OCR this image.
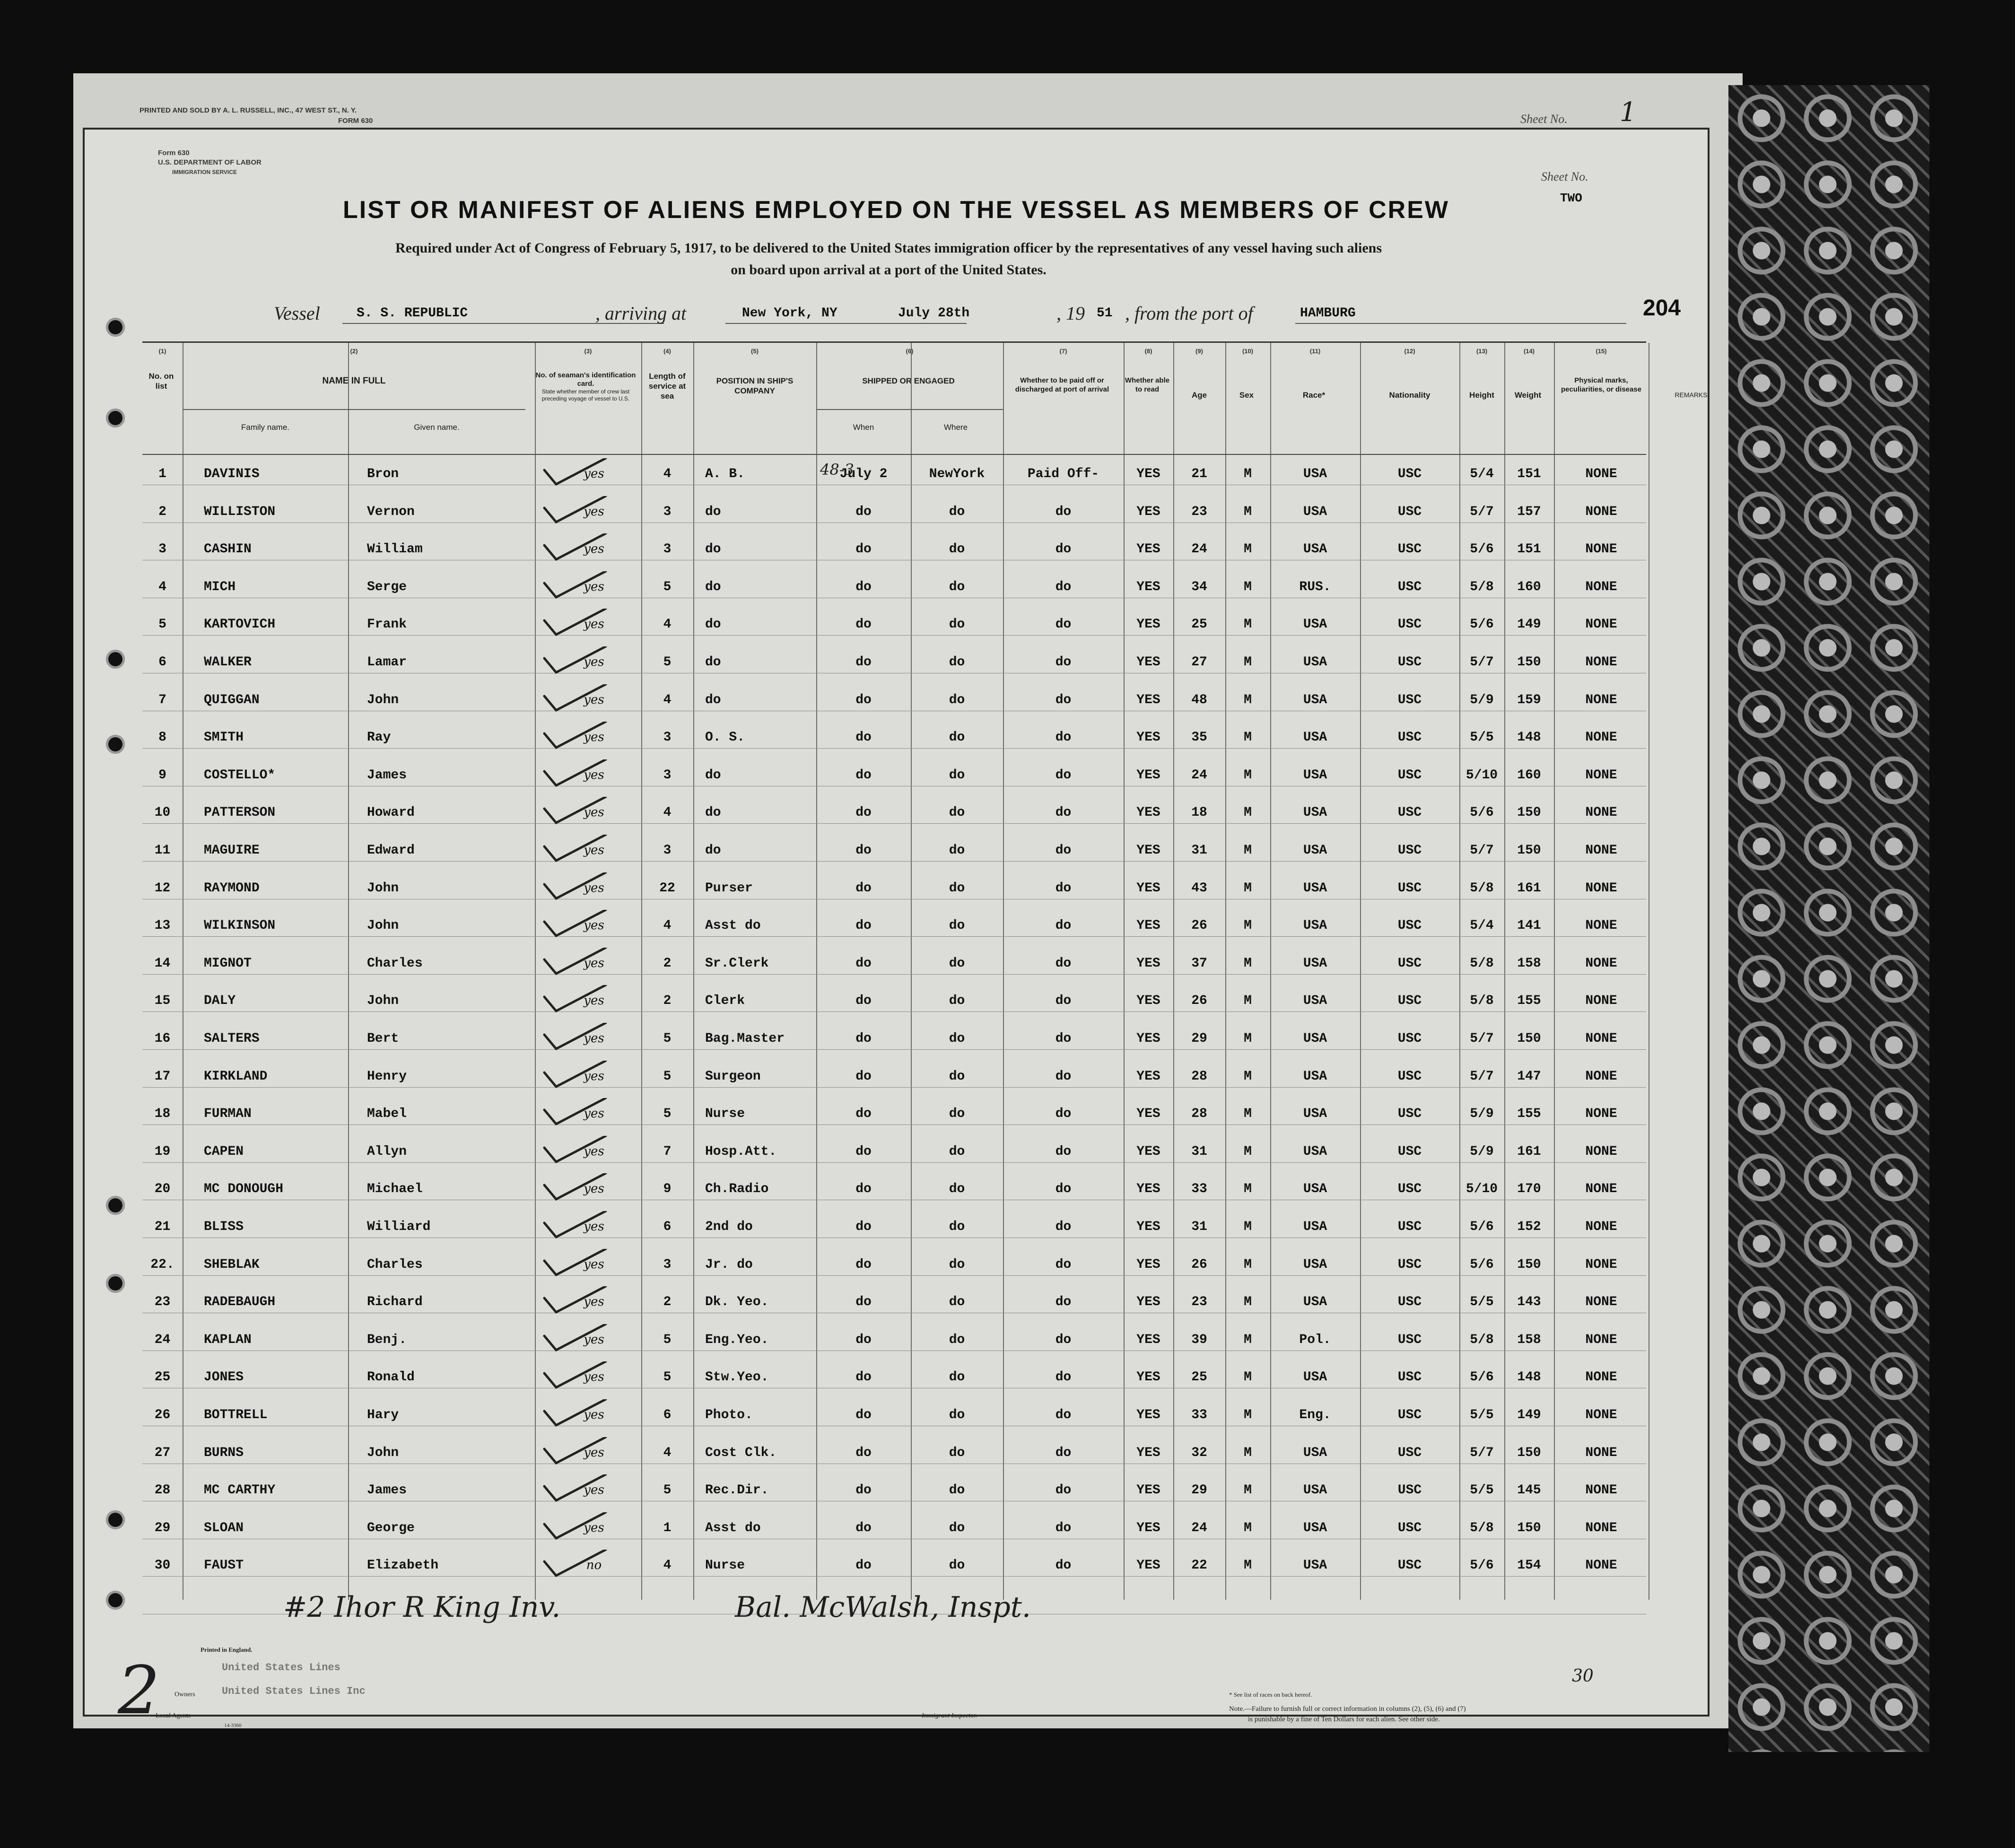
PRINTED AND SOLD BY A. L. RUSSELL, INC., 47 WEST ST., N. Y.
FORM 630	Sheet No. 1
Form 630
U.S. DEPARTMENT OF LABOR
IMMIGRATION SERVICE	Sheet No.
TWO
LIST OR MANIFEST OF ALIENS EMPLOYED ON THE VESSEL AS MEMBERS OF CREW
Required under Act of Congress of February 5, 1917, to be delivered to the United States immigration officer by the representatives of any vessel having such aliens
on board upon arrival at a port of the United States.
Vessel	S. S. REPUBLIC	, arriving at	New York, NY	July 28th	, 19 51 , from the port of	HAMBURG	204
No. on list
NAME IN FULL
Family name.	Given name.
No. of seaman's identification card.
State whether member of crew last preceding voyage of vessel to U.S.
Length of service at sea
POSITION IN SHIP'S COMPANY
SHIPPED OR ENGAGED
When	Where
Whether to be paid off or discharged at port of arrival
Whether able to read
Age	Sex	Race*	Nationality	Height	Weight
Physical marks, peculiarities, or disease
REMARKS
(1)	(2)	(3)	(4)	(5)	(6)	(7)	(8)	(9)	(10)	(11)	(12)	(13)	(14)	(15)
1	DAVINIS	Bron	yes	4	A. B.	July 2	NewYork	Paid Off-	YES	21	M	USA	USC	5/4	151	NONE
2	WILLISTON	Vernon	yes	3	do	do	do	do	YES	23	M	USA	USC	5/7	157	NONE
3	CASHIN	William	yes	3	do	do	do	do	YES	24	M	USA	USC	5/6	151	NONE
4	MICH	Serge	yes	5	do	do	do	do	YES	34	M	RUS.	USC	5/8	160	NONE
5	KARTOVICH	Frank	yes	4	do	do	do	do	YES	25	M	USA	USC	5/6	149	NONE
6	WALKER	Lamar	yes	5	do	do	do	do	YES	27	M	USA	USC	5/7	150	NONE
7	QUIGGAN	John	yes	4	do	do	do	do	YES	48	M	USA	USC	5/9	159	NONE
8	SMITH	Ray	yes	3	O. S.	do	do	do	YES	35	M	USA	USC	5/5	148	NONE
9	COSTELLO*	James	yes	3	do	do	do	do	YES	24	M	USA	USC	5/10	160	NONE
10	PATTERSON	Howard	yes	4	do	do	do	do	YES	18	M	USA	USC	5/6	150	NONE
11	MAGUIRE	Edward	yes	3	do	do	do	do	YES	31	M	USA	USC	5/7	150	NONE
12	RAYMOND	John	yes	22	Purser	do	do	do	YES	43	M	USA	USC	5/8	161	NONE
13	WILKINSON	John	yes	4	Asst do	do	do	do	YES	26	M	USA	USC	5/4	141	NONE
14	MIGNOT	Charles	yes	2	Sr.Clerk	do	do	do	YES	37	M	USA	USC	5/8	158	NONE
15	DALY	John	yes	2	Clerk	do	do	do	YES	26	M	USA	USC	5/8	155	NONE
16	SALTERS	Bert	yes	5	Bag.Master	do	do	do	YES	29	M	USA	USC	5/7	150	NONE
17	KIRKLAND	Henry	yes	5	Surgeon	do	do	do	YES	28	M	USA	USC	5/7	147	NONE
18	FURMAN	Mabel	yes	5	Nurse	do	do	do	YES	28	M	USA	USC	5/9	155	NONE
19	CAPEN	Allyn	yes	7	Hosp.Att.	do	do	do	YES	31	M	USA	USC	5/9	161	NONE
20	MC DONOUGH	Michael	yes	9	Ch.Radio	do	do	do	YES	33	M	USA	USC	5/10	170	NONE
21	BLISS	Williard	yes	6	2nd do	do	do	do	YES	31	M	USA	USC	5/6	152	NONE
22.	SHEBLAK	Charles	yes	3	Jr. do	do	do	do	YES	26	M	USA	USC	5/6	150	NONE
23	RADEBAUGH	Richard	yes	2	Dk. Yeo.	do	do	do	YES	23	M	USA	USC	5/5	143	NONE
24	KAPLAN	Benj.	yes	5	Eng.Yeo.	do	do	do	YES	39	M	Pol.	USC	5/8	158	NONE
25	JONES	Ronald	yes	5	Stw.Yeo.	do	do	do	YES	25	M	USA	USC	5/6	148	NONE
26	BOTTRELL	Hary	yes	6	Photo.	do	do	do	YES	33	M	Eng.	USC	5/5	149	NONE
27	BURNS	John	yes	4	Cost Clk.	do	do	do	YES	32	M	USA	USC	5/7	150	NONE
28	MC CARTHY	James	yes	5	Rec.Dir.	do	do	do	YES	29	M	USA	USC	5/5	145	NONE
29	SLOAN	George	yes	1	Asst do	do	do	do	YES	24	M	USA	USC	5/8	150	NONE
30	FAUST	Elizabeth	no	4	Nurse	do	do	do	YES	22	M	USA	USC	5/6	154	NONE
48-3
#2 Ihor R King Inv.	Bal. McWalsh, Inspt.
30
2
Printed in England.
United States Lines
United States Lines Inc
Owners
Local Agents
14-3360
Immigrant Inspector.
* See list of races on back hereof.
Note.—Failure to furnish full or correct information in columns (2), (5), (6) and (7)
is punishable by a fine of Ten Dollars for each alien. See other side.
